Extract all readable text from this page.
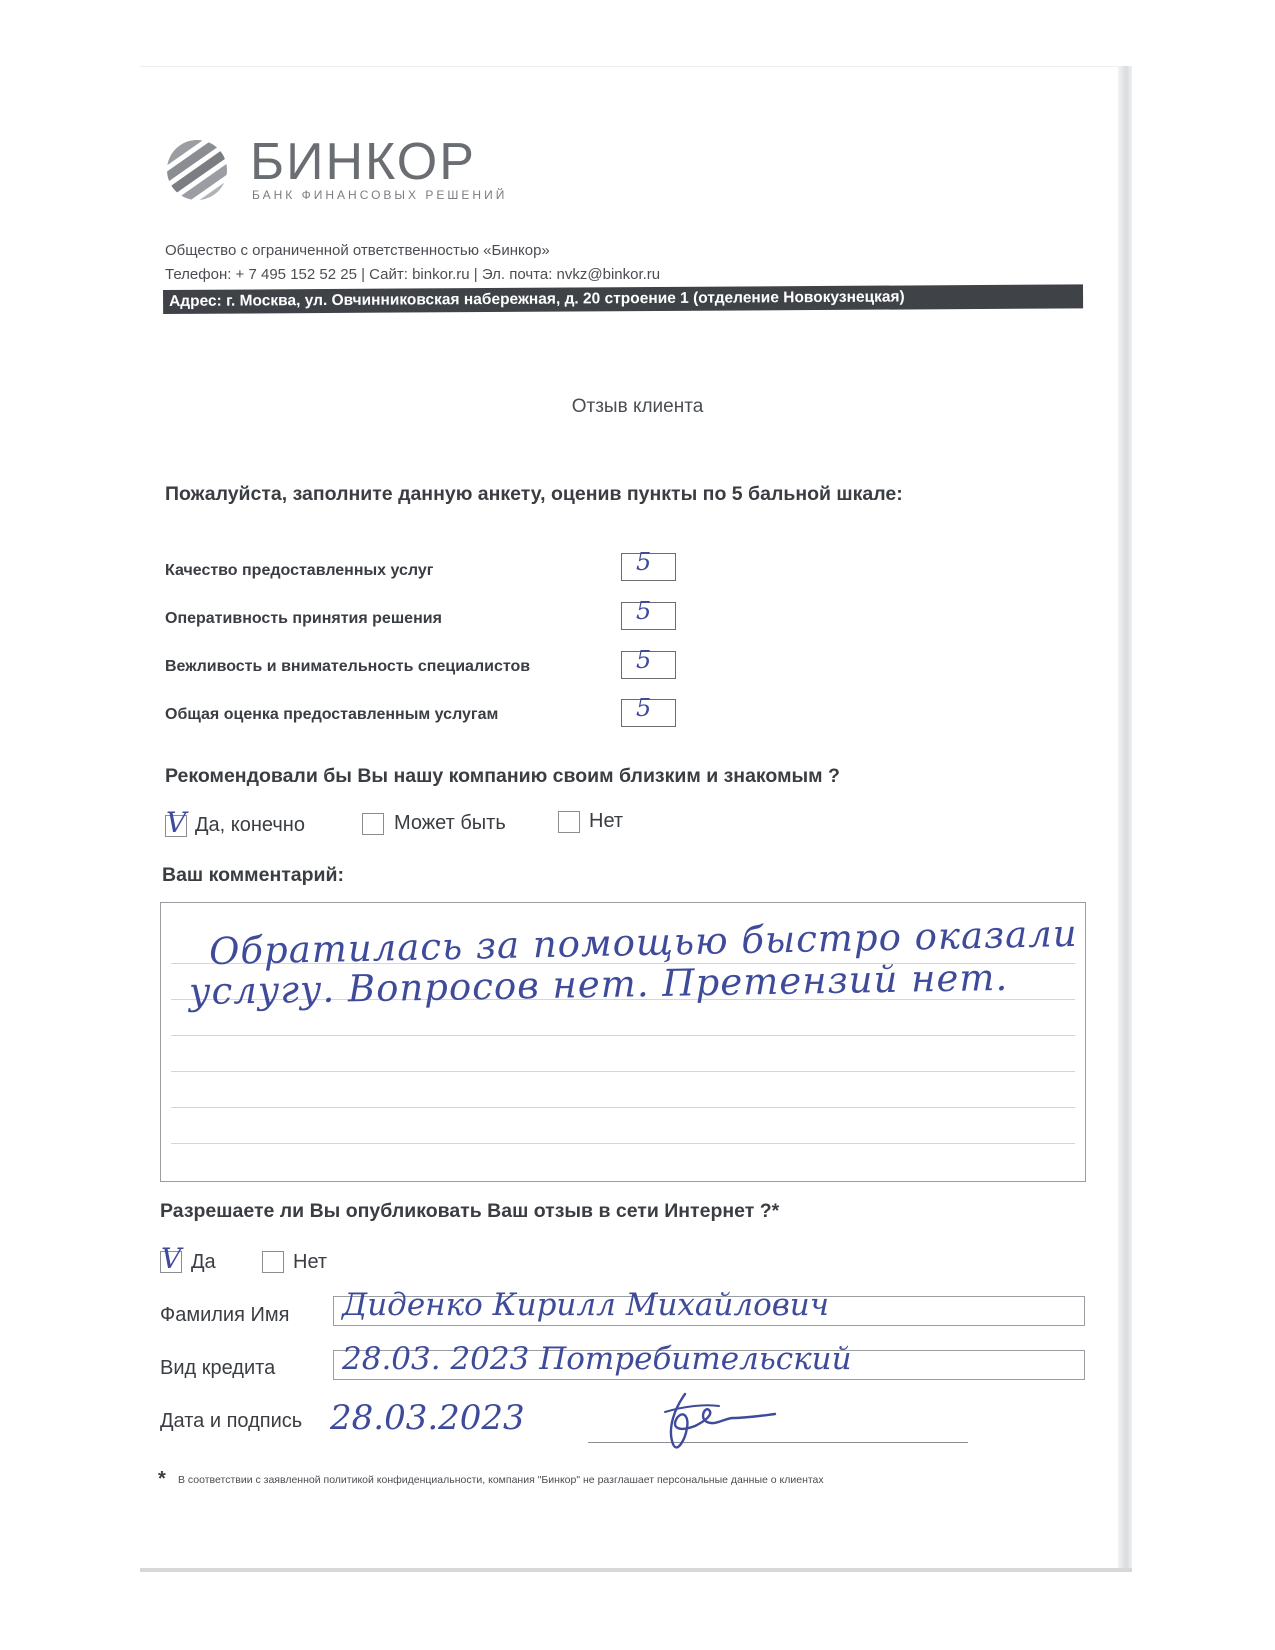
БИНКОР
БАНК ФИНАНСОВЫХ РЕШЕНИЙ
Общество с ограниченной ответственностью «Бинкор»
Телефон: + 7 495 152 52 25 | Сайт: binkor.ru | Эл. почта: nvkz@binkor.ru
Адрес: г. Москва, ул. Овчинниковская набережная, д. 20 строение 1 (отделение Новокузнецкая)
Отзыв клиента
Пожалуйста, заполните данную анкету, оценив пункты по 5 бальной шкале:
Качество предоставленных услуг	5
Оперативность принятия решения	5
Вежливость и внимательность специалистов	5
Общая оценка предоставленным услугам	5
Рекомендовали бы Вы нашу компанию своим близким и знакомым ?
V Да, конечно	Может быть	Нет
Ваш комментарий:
Обратилась за помощью быстро оказали
услугу. Вопросов нет. Претензий нет.
Разрешаете ли Вы опубликовать Ваш отзыв в сети Интернет ?*
V Да	Нет
Фамилия Имя Диденко Кирилл Михайлович
Вид кредита 28.03. 2023 Потребительский
Дата и подпись 28.03.2023
* В соответствии с заявленной политикой конфиденциальности, компания "Бинкор" не разглашает персональные данные о клиентах
